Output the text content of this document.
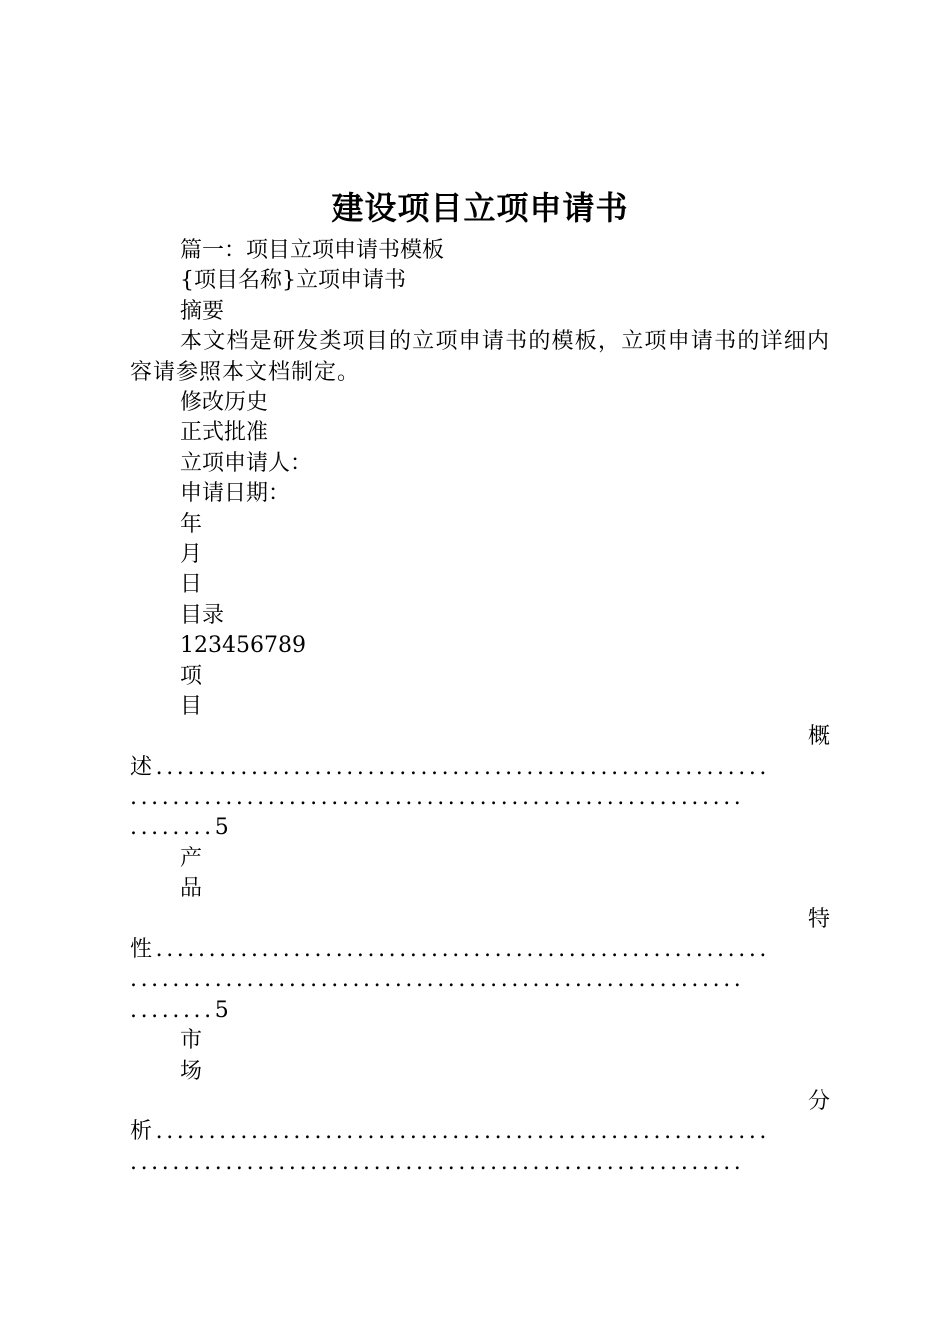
建设项目立项申请书
篇一：项目立项申请书模板
{项目名称}立项申请书
摘要
本文档是研发类项目的立项申请书的模板，立项申请书的详细内容请参照本文档制定。
修改历史
正式批准
立项申请人：
申请日期：
年
月
日
目录
123456789
项
目
概
述..........................................................
..........................................................
........5
产
品
特
性..........................................................
..........................................................
........5
市
场
分
析..........................................................
..........................................................
